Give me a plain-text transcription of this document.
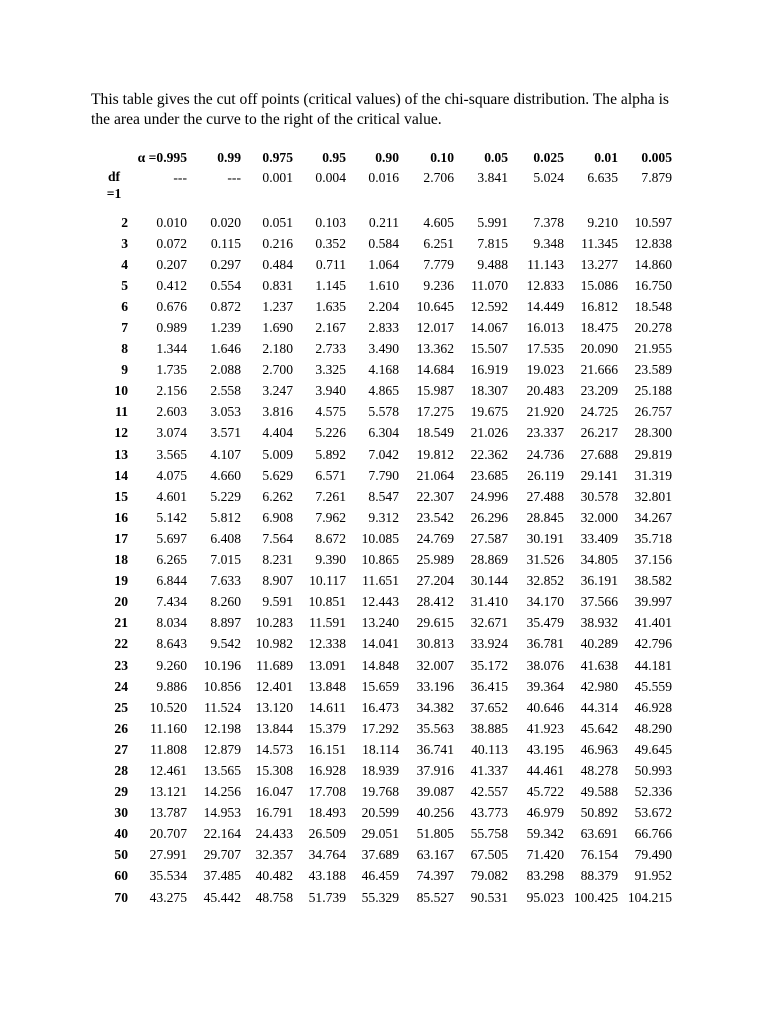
This table gives the cut off points (critical values) of the chi-square distribution. The alpha is the area under the curve to the right of the critical value.

	α =0.995	0.99	0.975	0.95	0.90	0.10	0.05	0.025	0.01	0.005
df
=1	---	---	0.001	0.004	0.016	2.706	3.841	5.024	6.635	7.879
2	0.010	0.020	0.051	0.103	0.211	4.605	5.991	7.378	9.210	10.597
3	0.072	0.115	0.216	0.352	0.584	6.251	7.815	9.348	11.345	12.838
4	0.207	0.297	0.484	0.711	1.064	7.779	9.488	11.143	13.277	14.860
5	0.412	0.554	0.831	1.145	1.610	9.236	11.070	12.833	15.086	16.750
6	0.676	0.872	1.237	1.635	2.204	10.645	12.592	14.449	16.812	18.548
7	0.989	1.239	1.690	2.167	2.833	12.017	14.067	16.013	18.475	20.278
8	1.344	1.646	2.180	2.733	3.490	13.362	15.507	17.535	20.090	21.955
9	1.735	2.088	2.700	3.325	4.168	14.684	16.919	19.023	21.666	23.589
10	2.156	2.558	3.247	3.940	4.865	15.987	18.307	20.483	23.209	25.188
11	2.603	3.053	3.816	4.575	5.578	17.275	19.675	21.920	24.725	26.757
12	3.074	3.571	4.404	5.226	6.304	18.549	21.026	23.337	26.217	28.300
13	3.565	4.107	5.009	5.892	7.042	19.812	22.362	24.736	27.688	29.819
14	4.075	4.660	5.629	6.571	7.790	21.064	23.685	26.119	29.141	31.319
15	4.601	5.229	6.262	7.261	8.547	22.307	24.996	27.488	30.578	32.801
16	5.142	5.812	6.908	7.962	9.312	23.542	26.296	28.845	32.000	34.267
17	5.697	6.408	7.564	8.672	10.085	24.769	27.587	30.191	33.409	35.718
18	6.265	7.015	8.231	9.390	10.865	25.989	28.869	31.526	34.805	37.156
19	6.844	7.633	8.907	10.117	11.651	27.204	30.144	32.852	36.191	38.582
20	7.434	8.260	9.591	10.851	12.443	28.412	31.410	34.170	37.566	39.997
21	8.034	8.897	10.283	11.591	13.240	29.615	32.671	35.479	38.932	41.401
22	8.643	9.542	10.982	12.338	14.041	30.813	33.924	36.781	40.289	42.796
23	9.260	10.196	11.689	13.091	14.848	32.007	35.172	38.076	41.638	44.181
24	9.886	10.856	12.401	13.848	15.659	33.196	36.415	39.364	42.980	45.559
25	10.520	11.524	13.120	14.611	16.473	34.382	37.652	40.646	44.314	46.928
26	11.160	12.198	13.844	15.379	17.292	35.563	38.885	41.923	45.642	48.290
27	11.808	12.879	14.573	16.151	18.114	36.741	40.113	43.195	46.963	49.645
28	12.461	13.565	15.308	16.928	18.939	37.916	41.337	44.461	48.278	50.993
29	13.121	14.256	16.047	17.708	19.768	39.087	42.557	45.722	49.588	52.336
30	13.787	14.953	16.791	18.493	20.599	40.256	43.773	46.979	50.892	53.672
40	20.707	22.164	24.433	26.509	29.051	51.805	55.758	59.342	63.691	66.766
50	27.991	29.707	32.357	34.764	37.689	63.167	67.505	71.420	76.154	79.490
60	35.534	37.485	40.482	43.188	46.459	74.397	79.082	83.298	88.379	91.952
70	43.275	45.442	48.758	51.739	55.329	85.527	90.531	95.023	100.425	104.215
